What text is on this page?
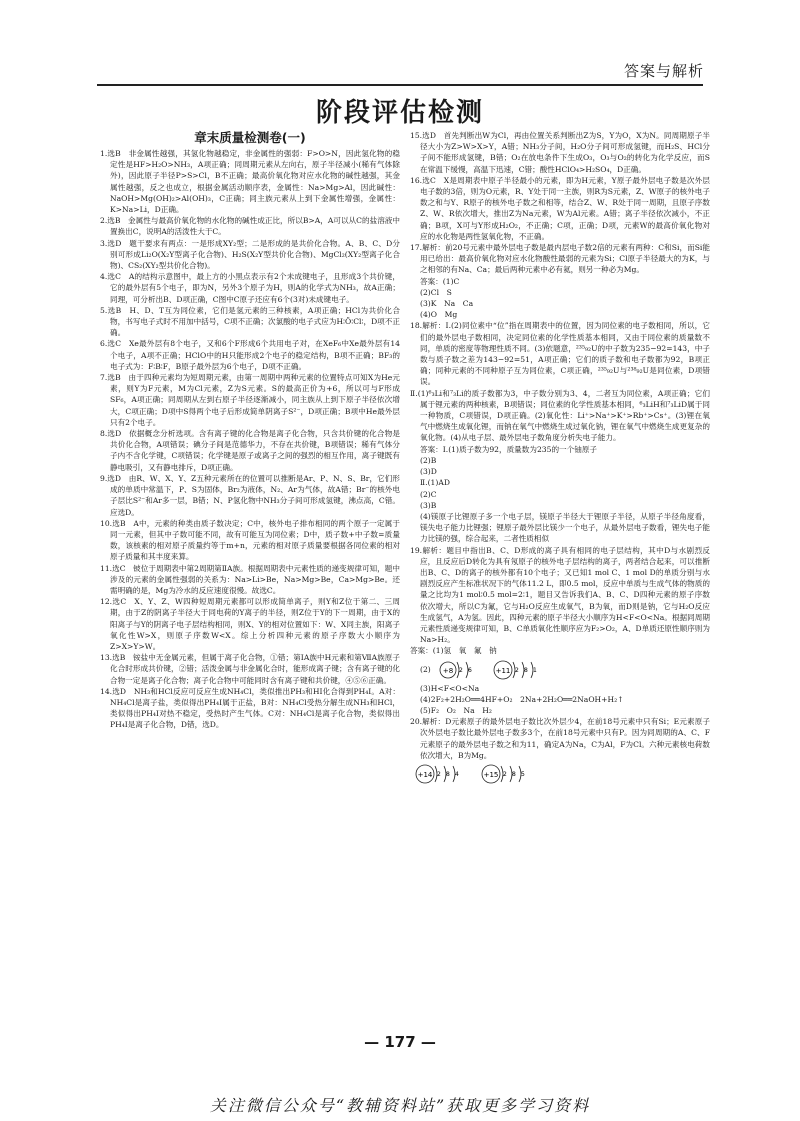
答案与解析
阶段评估检测
章末质量检测卷(一)

1.选B　非金属性越强，其氢化物越稳定，非金属性的强弱：F>O>N，因此氢化物的稳定性是HF>H₂O>NH₃，A项正确；同周期元素从左向右，原子半径减小(稀有气体除外)，因此原子半径P>S>Cl，B不正确；最高价氧化物对应水化物的碱性越强，其金属性越强，反之也成立，根据金属活动顺序表，金属性：Na>Mg>Al，因此碱性：NaOH>Mg(OH)₂>Al(OH)₃，C正确；同主族元素从上到下金属性增强，金属性：K>Na>Li，D正确。

2.选B　金属性与最高价氧化物的水化物的碱性成正比，所以B>A，A可以从C的盐溶液中置换出C，说明A的活泼性大于C。

3.选D　题干要求有两点：一是形成XY₂型；二是形成的是共价化合物。A、B、C、D分别可形成Li₂O(X₂Y型离子化合物)、H₂S(X₂Y型共价化合物)、MgCl₂(XY₂型离子化合物)、CS₂(XY₂型共价化合物)。

4.选C　A的结构示意图中，最上方的小黑点表示有2个未成键电子，且形成3个共价键，它的最外层有5个电子，即为N，另外3个原子为H，则A的化学式为NH₃，故A正确；同理，可分析出B、D项正确，C图中C原子还应有6个(3对)未成键电子。

5.选B　H、D、T互为同位素，它们是氢元素的三种核素，A项正确；HCl为共价化合物，书写电子式时不用加中括号，C项不正确；次氯酸的电子式应为H∶Ö∶Cl∶，D项不正确。

6.选C　Xe最外层有8个电子，又和6个F形成6个共用电子对，在XeF₆中Xe最外层有14个电子，A项不正确；HClO中的H只能形成2个电子的稳定结构，B项不正确；BF₃的电子式为：F∶B∶F，B原子最外层为6个电子，D项不正确。

7.选B　由于四种元素均为短周期元素，由第一周期中两种元素的位置特点可知X为He元素，则Y为F元素，M为Cl元素，Z为S元素。S的最高正价为+6，所以可与F形成SF₆，A项正确；同周期从左到右原子半径逐渐减小，同主族从上到下原子半径依次增大，C项正确；D项中S得两个电子后形成简单阴离子S²⁻，D项正确；B项中He最外层只有2个电子。

8.选D　依据概念分析选项。含有离子键的化合物是离子化合物，只含共价键的化合物是共价化合物，A项错误；碘分子间是范德华力，不存在共价键，B项错误；稀有气体分子内不含化学键，C项错误；化学键是原子或离子之间的强烈的相互作用，离子键既有静电吸引，又有静电排斥，D项正确。

9.选D　由R、W、X、Y、Z五种元素所在的位置可以推断是Ar、P、N、S、Br，它们形成的单质中常温下，P、S为固体，Br₂为液体，N₂、Ar为气体，故A错；Br⁻的核外电子层比S²⁻和Ar多一层，B错；N、P氢化物中NH₃分子间可形成氢键，沸点高，C错。应选D。

10.选B　A中，元素的种类由质子数决定；C中，核外电子排布相同的两个原子一定属于同一元素，但其中子数可能不同，故有可能互为同位素；D中，质子数+中子数=质量数，该核素的相对原子质量约等于m+n，元素的相对原子质量要根据各同位素的相对原子质量和其丰度来算。

11.选C　铍位于周期表中第2周期第ⅡA族。根据周期表中元素性质的递变规律可知，题中涉及的元素的金属性强弱的关系为：Na>Li>Be，Na>Mg>Be，Ca>Mg>Be。还需明确的是，Mg为冷水的反应速度很慢。故选C。

12.选C　X、Y、Z、W四种短周期元素都可以形成简单离子，则Y和Z位于第二、三周期，由于Z的阴离子半径大于同电荷的Y离子的半径，则Z位于Y的下一周期，由于X的阳离子与Y的阴离子电子层结构相同，则X、Y的相对位置如下：W、X同主族，阳离子氧化性W>X，则原子序数W<X。综上分析四种元素的原子序数大小顺序为Z>X>Y>W。

13.选B　铵盐中无金属元素，但属于离子化合物，①错；第ⅠA族中H元素和第ⅦA族原子化合时形成共价键，②错；活泼金属与非金属化合时，能形成离子键；含有离子键的化合物一定是离子化合物；离子化合物中可能同时含有离子键和共价键，④⑤⑥正确。

14.选D　NH₃和HCl反应可反应生成NH₄Cl，类似推出PH₃和HI化合得到PH₄I。A对：NH₄Cl是离子盐，类似得出PH₄I属于正盐，B对：NH₄Cl受热分解生成NH₃和HCl，类似得出PH₄I对热不稳定，受热时产生气体。C对：NH₄Cl是离子化合物，类似得出PH₄I是离子化合物，D错，选D。

15.选D　首先判断出W为Cl，再由位置关系判断出Z为S，Y为O，X为N。同周期原子半径大小为Z>W>X>Y，A错；NH₃分子间，H₂O分子间可形成氢键，而H₂S、HCl分子间不能形成氢键，B错；O₂在放电条件下生成O₃，O₃与O₂的转化为化学反应，而S在常温下缓慢，高温下迅速，C错；酸性HClO₄>H₂SO₄，D正确。

16.选C　X是周期表中原子半径最小的元素，即为H元素，Y原子最外层电子数是次外层电子数的3倍，则为O元素，R、Y处于同一主族，则R为S元素，Z、W原子的核外电子数之和与Y、R原子的核外电子数之和相等，结合Z、W、R处于同一周期，且原子序数Z、W、R依次增大，推出Z为Na元素，W为Al元素。A错；离子半径依次减小，不正确；B项，X可与Y形成H₂O₂，不正确；C项，正确；D项，元素W的最高价氧化物对应的水化物是两性氢氧化物，不正确。

17.解析：前20号元素中最外层电子数是最内层电子数2倍的元素有两种：C和Si，而Si能用已给出：最高价氧化物对应水化物酸性最弱的元素为Si；Cl原子半径最大的为K，与之相邻的有Na、Ca；最后两种元素中必有氦，则另一种必为Mg。

答案：(1)C

(2)Cl　S

(3)K　Na　Ca

(4)O　Mg

18.解析：Ⅰ.(2)同位素中“位”指在周期表中的位置，因为同位素的电子数相同，所以，它们的最外层电子数相同，决定同位素的化学性质基本相同，又由于同位素的质量数不同，单质的密度等物理性质不同。(3)依题意，²³⁵₉₂U的中子数为235−92=143，中子数与质子数之差为143−92=51，A项正确；它们的质子数和电子数都为92，B项正确；同种元素的不同种原子互为同位素，C项正确，²³⁵₉₂U与²³⁸₉₂U是同位素，D项错误。

Ⅱ.(1)⁶₃Li和⁷₃Li的质子数都为3，中子数分别为3、4，二者互为同位素，A项正确；它们属于锂元素的两种核素，B项错误；同位素的化学性质基本相同，⁶₃LiH和⁷₃LiD属于同一种物质，C项错误，D项正确。(2)氧化性：Li⁺>Na⁺>K⁺>Rb⁺>Cs⁺。(3)锂在氧气中燃烧生成氧化锂，而钠在氧气中燃烧生成过氧化钠，锂在氧气中燃烧生成更复杂的氧化物。(4)从电子层、最外层电子数角度分析失电子能力。

答案：Ⅰ.(1)质子数为92，质量数为235的一个铀原子

(2)B

(3)D

Ⅱ.(1)AD

(2)C

(3)B

(4)镁原子比锂原子多一个电子层，镁原子半径大于锂原子半径，从原子半径角度看，镁失电子能力比锂强；锂原子最外层比镁少一个电子，从最外层电子数看，锂失电子能力比镁的强，综合起来，二者性质相似

19.解析：题目中指出B、C、D形成的离子具有相同的电子层结构，其中D与水剧烈反应，且反应后D转化为具有氖原子的核外电子层结构的离子，两者结合起来，可以推断出B、C、D的离子的核外都有10个电子；又已知1 mol C、1 mol D的单质分别与水剧烈反应产生标准状况下的气体11.2 L，即0.5 mol，反应中单质与生成气体的物质的量之比均为1 mol∶0.5 mol=2∶1，题目又告诉我们A、B、C、D四种元素的原子序数依次增大，所以C为氟，它与H₂O反应生成氧气，B为氧，而D则是钠，它与H₂O反应生成氢气，A为氢。因此，四种元素的原子半径大小顺序为H<F<O<Na。根据同周期元素性质递变规律可知，B、C单质氧化性顺序应为F₂>O₂，A、D单质还原性顺序则为Na>H₂。

答案：(1)氢　氧　氟　钠

(2) +8 2 6
	+11 2 8 1

(3)H<F<O<Na

(4)2F₂+2H₂O══4HF+O₂　2Na+2H₂O══2NaOH+H₂↑

(5)F₂　O₂　Na　H₂

20.解析：D元素原子的最外层电子数比次外层少4，在前18号元素中只有Si；E元素原子次外层电子数比最外层电子数多3个，在前18号元素中只有P。因为同周期的A、C、F元素原子的最外层电子数之和为11，确定A为Na，C为Al，F为Cl。六种元素核电荷数依次增大，B为Mg。

+14 2 8 4
	+15 2 8 5
— 177 —
关注微信公众号“教辅资料站”获取更多学习资料
